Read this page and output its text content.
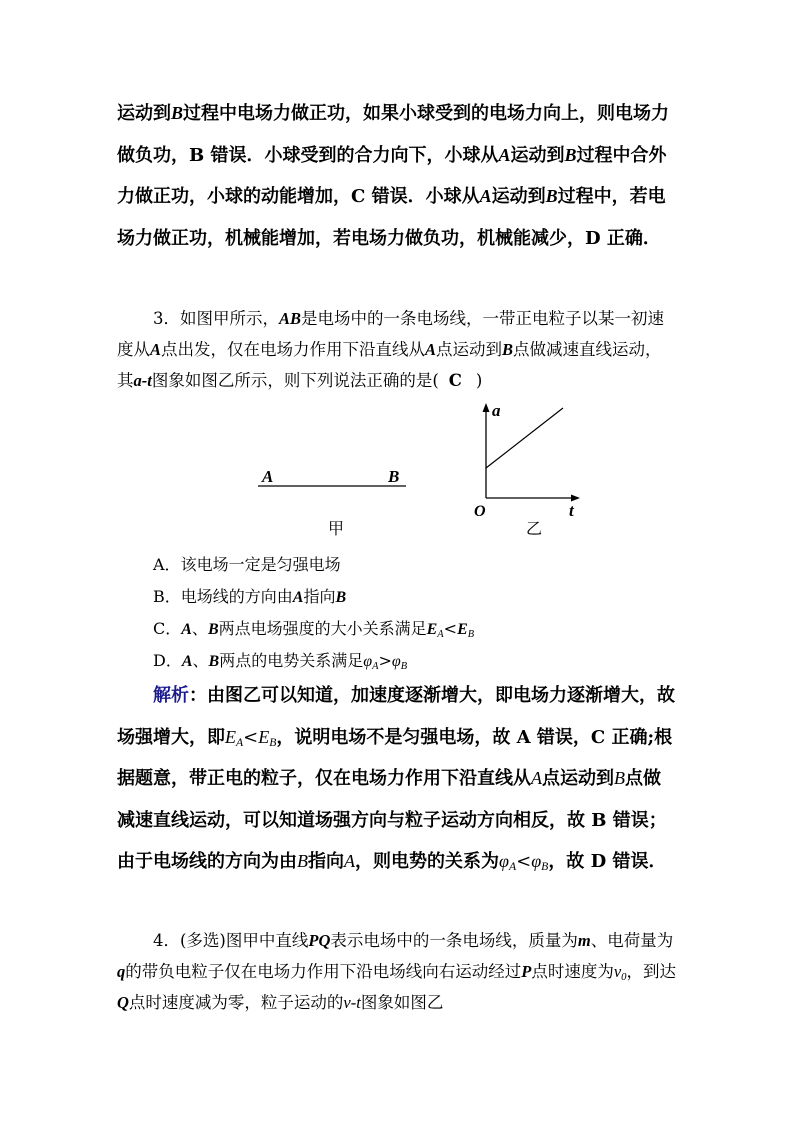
运动到B过程中电场力做正功，如果小球受到的电场力向上，则电场力做负功，B 错误．小球受到的合力向下，小球从A运动到B过程中合外力做正功，小球的动能增加，C 错误．小球从A运动到B过程中，若电场力做正功，机械能增加，若电场力做负功，机械能减少，D 正确．

3．如图甲所示，AB是电场中的一条电场线，一带正电粒子以某一初速度从A点出发，仅在电场力作用下沿直线从A点运动到B点做减速直线运动，其a-t图象如图乙所示，则下列说法正确的是( C )

A	B
甲
a
O	t
乙

A．该电场一定是匀强电场

B．电场线的方向由A指向B

C．A、B两点电场强度的大小关系满足$E_A<E_B$

D．A、B两点的电势关系满足$\varphi_A>\varphi_B$

解析：由图乙可以知道，加速度逐渐增大，即电场力逐渐增大，故场强增大，即$E_A<E_B$，说明电场不是匀强电场，故 A 错误，C 正确;根据题意，带正电的粒子，仅在电场力作用下沿直线从A点运动到B点做减速直线运动，可以知道场强方向与粒子运动方向相反，故 B 错误；由于电场线的方向为由B指向A，则电势的关系为$\varphi_A<\varphi_B$，故 D 错误．

4．(多选)图甲中直线PQ表示电场中的一条电场线，质量为m、电荷量为q的带负电粒子仅在电场力作用下沿电场线向右运动经过P点时速度为$v_0$，到达Q点时速度减为零，粒子运动的v-t图象如图乙
